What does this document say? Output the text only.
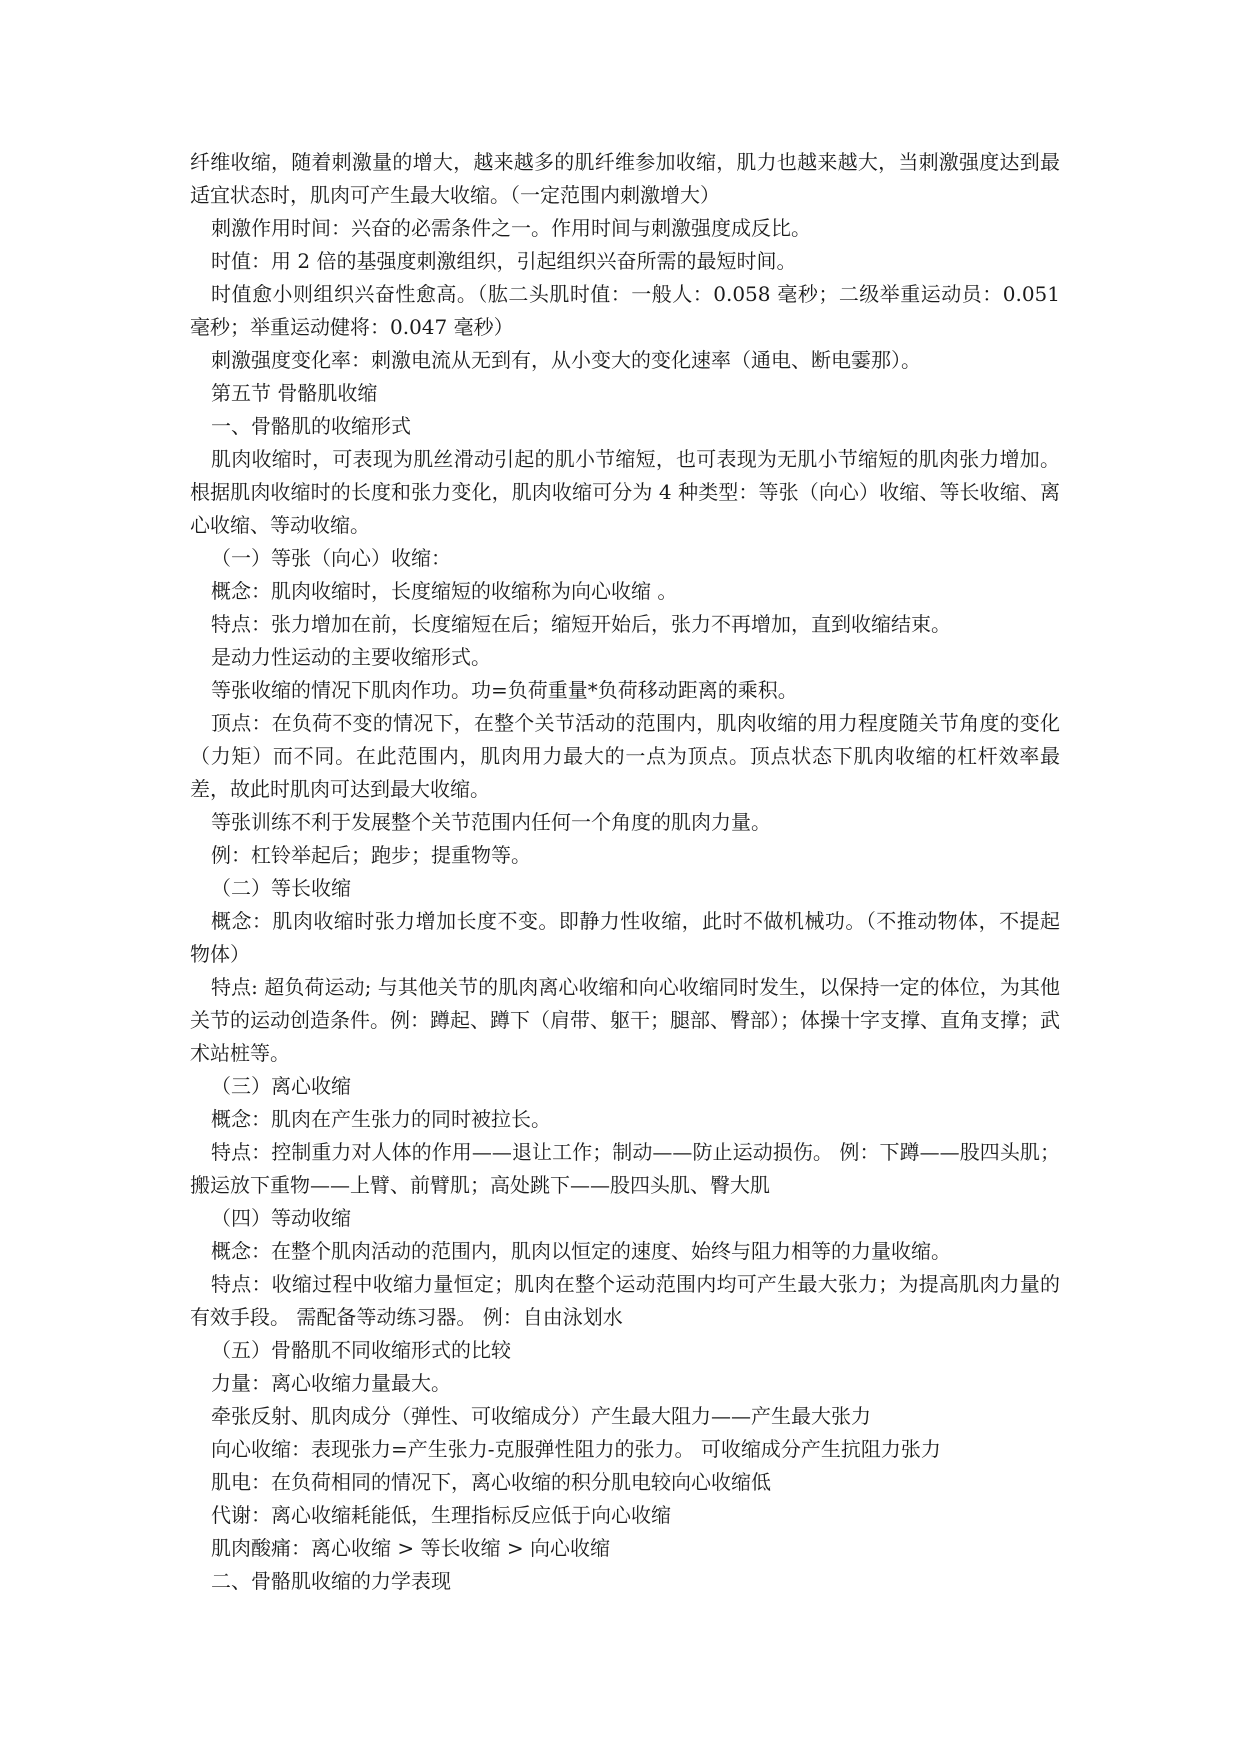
纤维收缩，随着刺激量的增大，越来越多的肌纤维参加收缩，肌力也越来越大，当刺激强度达到最适宜状态时，肌肉可产生最大收缩。（一定范围内刺激增大）

刺激作用时间：兴奋的必需条件之一。作用时间与刺激强度成反比。

时值：用 2 倍的基强度刺激组织，引起组织兴奋所需的最短时间。

时值愈小则组织兴奋性愈高。（肱二头肌时值：一般人：0.058 毫秒；二级举重运动员：0.051 毫秒；举重运动健将：0.047 毫秒）

刺激强度变化率：刺激电流从无到有，从小变大的变化速率（通电、断电霎那）。

第五节 骨骼肌收缩

一、骨骼肌的收缩形式

肌肉收缩时，可表现为肌丝滑动引起的肌小节缩短，也可表现为无肌小节缩短的肌肉张力增加。根据肌肉收缩时的长度和张力变化，肌肉收缩可分为 4 种类型：等张（向心）收缩、等长收缩、离心收缩、等动收缩。

（一）等张（向心）收缩：

概念：肌肉收缩时，长度缩短的收缩称为向心收缩 。

特点：张力增加在前，长度缩短在后；缩短开始后，张力不再增加，直到收缩结束。

是动力性运动的主要收缩形式。

等张收缩的情况下肌肉作功。功=负荷重量*负荷移动距离的乘积。

顶点：在负荷不变的情况下，在整个关节活动的范围内，肌肉收缩的用力程度随关节角度的变化（力矩）而不同。在此范围内，肌肉用力最大的一点为顶点。顶点状态下肌肉收缩的杠杆效率最差，故此时肌肉可达到最大收缩。

等张训练不利于发展整个关节范围内任何一个角度的肌肉力量。

例：杠铃举起后；跑步；提重物等。

（二）等长收缩

概念：肌肉收缩时张力增加长度不变。即静力性收缩，此时不做机械功。（不推动物体，不提起物体）

特点: 超负荷运动; 与其他关节的肌肉离心收缩和向心收缩同时发生，以保持一定的体位，为其他关节的运动创造条件。例：蹲起、蹲下（肩带、躯干；腿部、臀部）；体操十字支撑、直角支撑；武术站桩等。

（三）离心收缩

概念：肌肉在产生张力的同时被拉长。

特点：控制重力对人体的作用——退让工作；制动——防止运动损伤。 例：下蹲——股四头肌；搬运放下重物——上臂、前臂肌；高处跳下——股四头肌、臀大肌

（四）等动收缩

概念：在整个肌肉活动的范围内，肌肉以恒定的速度、始终与阻力相等的力量收缩。

特点：收缩过程中收缩力量恒定；肌肉在整个运动范围内均可产生最大张力；为提高肌肉力量的有效手段。 需配备等动练习器。 例：自由泳划水

（五）骨骼肌不同收缩形式的比较

力量：离心收缩力量最大。

牵张反射、肌肉成分（弹性、可收缩成分）产生最大阻力——产生最大张力

向心收缩：表现张力=产生张力-克服弹性阻力的张力。 可收缩成分产生抗阻力张力

肌电：在负荷相同的情况下，离心收缩的积分肌电较向心收缩低

代谢：离心收缩耗能低，生理指标反应低于向心收缩

肌肉酸痛：离心收缩 > 等长收缩 > 向心收缩

二、骨骼肌收缩的力学表现
